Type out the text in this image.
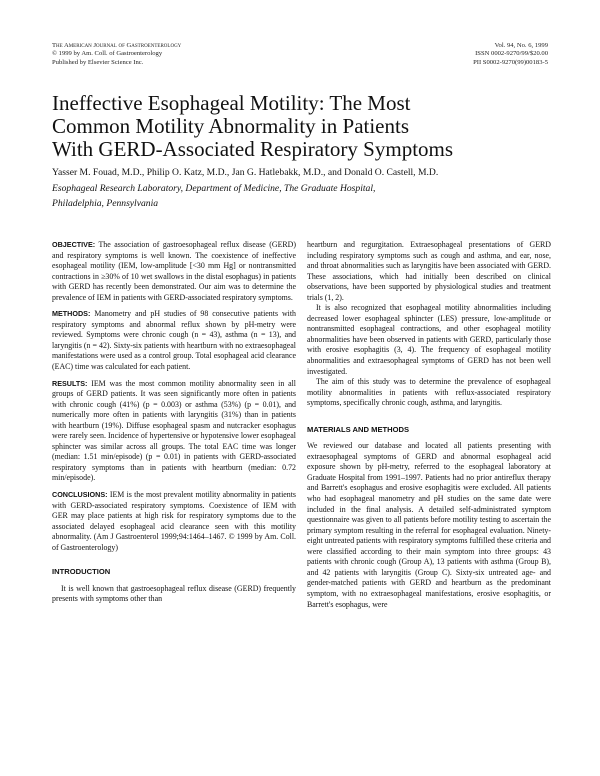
The American Journal of Gastroenterology
© 1999 by Am. Coll. of Gastroenterology
Published by Elsevier Science Inc.
Vol. 94, No. 6, 1999
ISSN 0002-9270/99/$20.00
PII S0002-9270(99)00183-5
Ineffective Esophageal Motility: The Most
Common Motility Abnormality in Patients
With GERD-Associated Respiratory Symptoms
Yasser M. Fouad, M.D., Philip O. Katz, M.D., Jan G. Hatlebakk, M.D., and Donald O. Castell, M.D.
Esophageal Research Laboratory, Department of Medicine, The Graduate Hospital,
Philadelphia, Pennsylvania

OBJECTIVE: The association of gastroesophageal reflux disease (GERD) and respiratory symptoms is well known. The coexistence of ineffective esophageal motility (IEM, low-amplitude [<30 mm Hg] or nontransmitted contractions in ≥30% of 10 wet swallows in the distal esophagus) in patients with GERD has recently been demonstrated. Our aim was to determine the prevalence of IEM in patients with GERD-associated respiratory symptoms.

METHODS: Manometry and pH studies of 98 consecutive patients with respiratory symptoms and abnormal reflux shown by pH-metry were reviewed. Symptoms were chronic cough (n = 43), asthma (n = 13), and laryngitis (n = 42). Sixty-six patients with heartburn with no extraesophageal manifestations were used as a control group. Total esophageal acid clearance (EAC) time was calculated for each patient.

RESULTS: IEM was the most common motility abnormality seen in all groups of GERD patients. It was seen significantly more often in patients with chronic cough (41%) (p = 0.003) or asthma (53%) (p = 0.01), and numerically more often in patients with laryngitis (31%) than in patients with heartburn (19%). Diffuse esophageal spasm and nutcracker esophagus were rarely seen. Incidence of hypertensive or hypotensive lower esophageal sphincter was similar across all groups. The total EAC time was longer (median: 1.51 min/episode) (p = 0.01) in patients with GERD-associated respiratory symptoms than in patients with heartburn (median: 0.72 min/episode).

CONCLUSIONS: IEM is the most prevalent motility abnormality in patients with GERD-associated respiratory symptoms. Coexistence of IEM with GER may place patients at high risk for respiratory symptoms due to the associated delayed esophageal acid clearance seen with this motility abnormality. (Am J Gastroenterol 1999;94:1464–1467. © 1999 by Am. Coll. of Gastroenterology)

INTRODUCTION

It is well known that gastroesophageal reflux disease (GERD) frequently presents with symptoms other than

heartburn and regurgitation. Extraesophageal presentations of GERD including respiratory symptoms such as cough and asthma, and ear, nose, and throat abnormalities such as laryngitis have been associated with GERD. These associations, which had initially been described on clinical observations, have been supported by physiological studies and treatment trials (1, 2).

It is also recognized that esophageal motility abnormalities including decreased lower esophageal sphincter (LES) pressure, low-amplitude or nontransmitted esophageal contractions, and other esophageal motility abnormalities have been observed in patients with GERD, particularly those with erosive esophagitis (3, 4). The frequency of esophageal motility abnormalities and extraesophageal symptoms of GERD has not been well investigated.

The aim of this study was to determine the prevalence of esophageal motility abnormalities in patients with reflux-associated respiratory symptoms, specifically chronic cough, asthma, and laryngitis.

MATERIALS AND METHODS

We reviewed our database and located all patients presenting with extraesophageal symptoms of GERD and abnormal esophageal acid exposure shown by pH-metry, referred to the esophageal laboratory at Graduate Hospital from 1991–1997. Patients had no prior antireflux therapy and Barrett's esophagus and erosive esophagitis were excluded. All patients who had esophageal manometry and pH studies on the same date were included in the final analysis. A detailed self-administrated symptom questionnaire was given to all patients before motility testing to ascertain the primary symptom resulting in the referral for esophageal evaluation. Ninety-eight untreated patients with respiratory symptoms fulfilled these criteria and were classified according to their main symptom into three groups: 43 patients with chronic cough (Group A), 13 patients with asthma (Group B), and 42 patients with laryngitis (Group C). Sixty-six untreated age- and gender-matched patients with GERD and heartburn as the predominant symptom, with no extraesophageal manifestations, erosive esophagitis, or Barrett's esophagus, were
